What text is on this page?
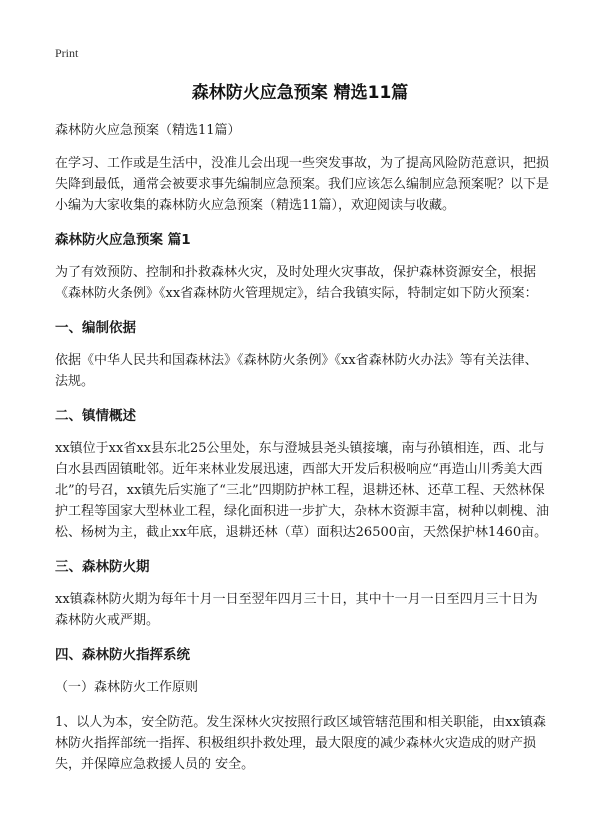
Print
森林防火应急预案 精选11篇

森林防火应急预案（精选11篇）

在学习、工作或是生活中，没准儿会出现一些突发事故，为了提高风险防范意识，把损失降到最低，通常会被要求事先编制应急预案。我们应该怎么编制应急预案呢？以下是小编为大家收集的森林防火应急预案（精选11篇），欢迎阅读与收藏。

森林防火应急预案 篇1

为了有效预防、控制和扑救森林火灾，及时处理火灾事故，保护森林资源安全，根据《森林防火条例》《xx省森林防火管理规定》，结合我镇实际，特制定如下防火预案：

一、编制依据

依据《中华人民共和国森林法》《森林防火条例》《xx省森林防火办法》等有关法律、法规。

二、镇情概述

xx镇位于xx省xx县东北25公里处，东与澄城县尧头镇接壤，南与孙镇相连，西、北与白水县西固镇毗邻。近年来林业发展迅速，西部大开发后积极响应“再造山川秀美大西北”的号召，xx镇先后实施了“三北”四期防护林工程，退耕还林、还草工程、天然林保护工程等国家大型林业工程，绿化面积进一步扩大，杂林木资源丰富，树种以刺槐、油松、杨树为主，截止xx年底，退耕还林（草）面积达26500亩，天然保护林1460亩。

三、森林防火期

xx镇森林防火期为每年十月一日至翌年四月三十日，其中十一月一日至四月三十日为森林防火戒严期。

四、森林防火指挥系统

（一）森林防火工作原则

1、以人为本，安全防范。发生深林火灾按照行政区域管辖范围和相关职能，由xx镇森林防火指挥部统一指挥、积极组织扑救处理，最大限度的减少森林火灾造成的财产损失，并保障应急救援人员的 安全。
